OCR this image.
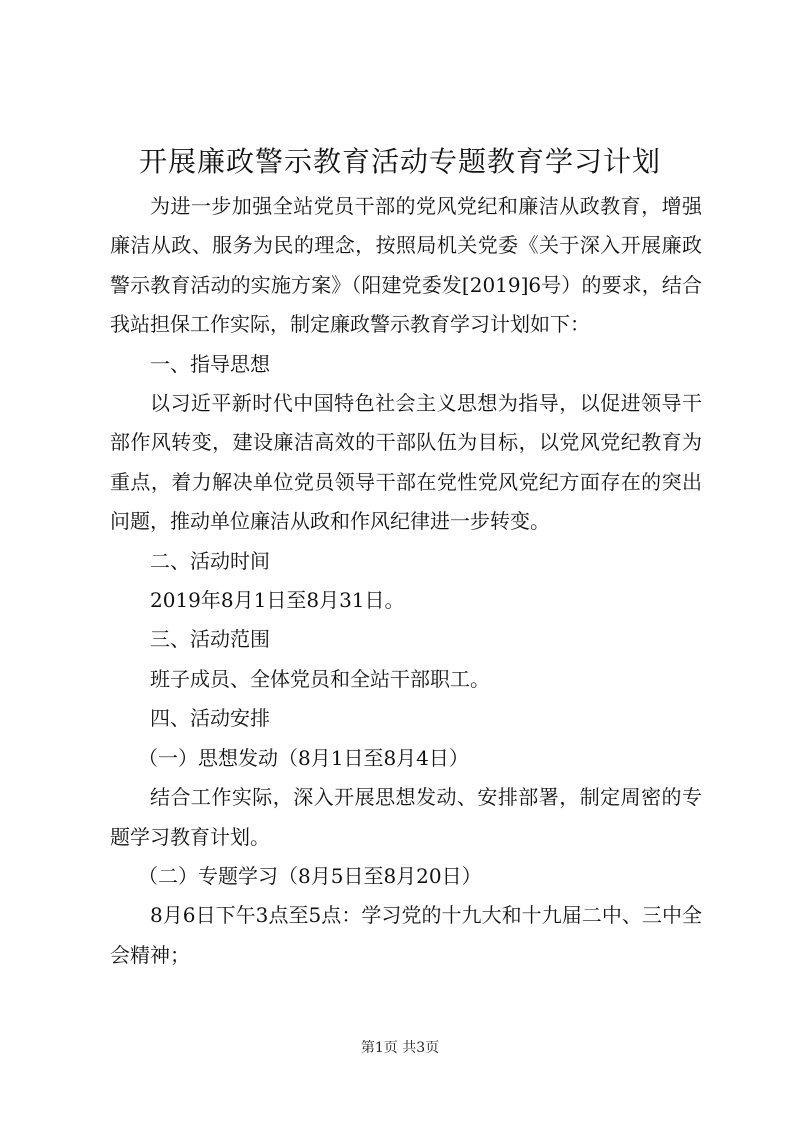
开展廉政警示教育活动专题教育学习计划

为进一步加强全站党员干部的党风党纪和廉洁从政教育，增强廉洁从政、服务为民的理念，按照局机关党委《关于深入开展廉政警示教育活动的实施方案》（阳建党委发[2019]6号）的要求，结合我站担保工作实际，制定廉政警示教育学习计划如下：

一、指导思想

以习近平新时代中国特色社会主义思想为指导，以促进领导干部作风转变，建设廉洁高效的干部队伍为目标，以党风党纪教育为重点，着力解决单位党员领导干部在党性党风党纪方面存在的突出问题，推动单位廉洁从政和作风纪律进一步转变。

二、活动时间

2019年8月1日至8月31日。

三、活动范围

班子成员、全体党员和全站干部职工。

四、活动安排

（一）思想发动（8月1日至8月4日）

结合工作实际，深入开展思想发动、安排部署，制定周密的专题学习教育计划。

（二）专题学习（8月5日至8月20日）

8月6日下午3点至5点：学习党的十九大和十九届二中、三中全会精神；

第1页 共3页
